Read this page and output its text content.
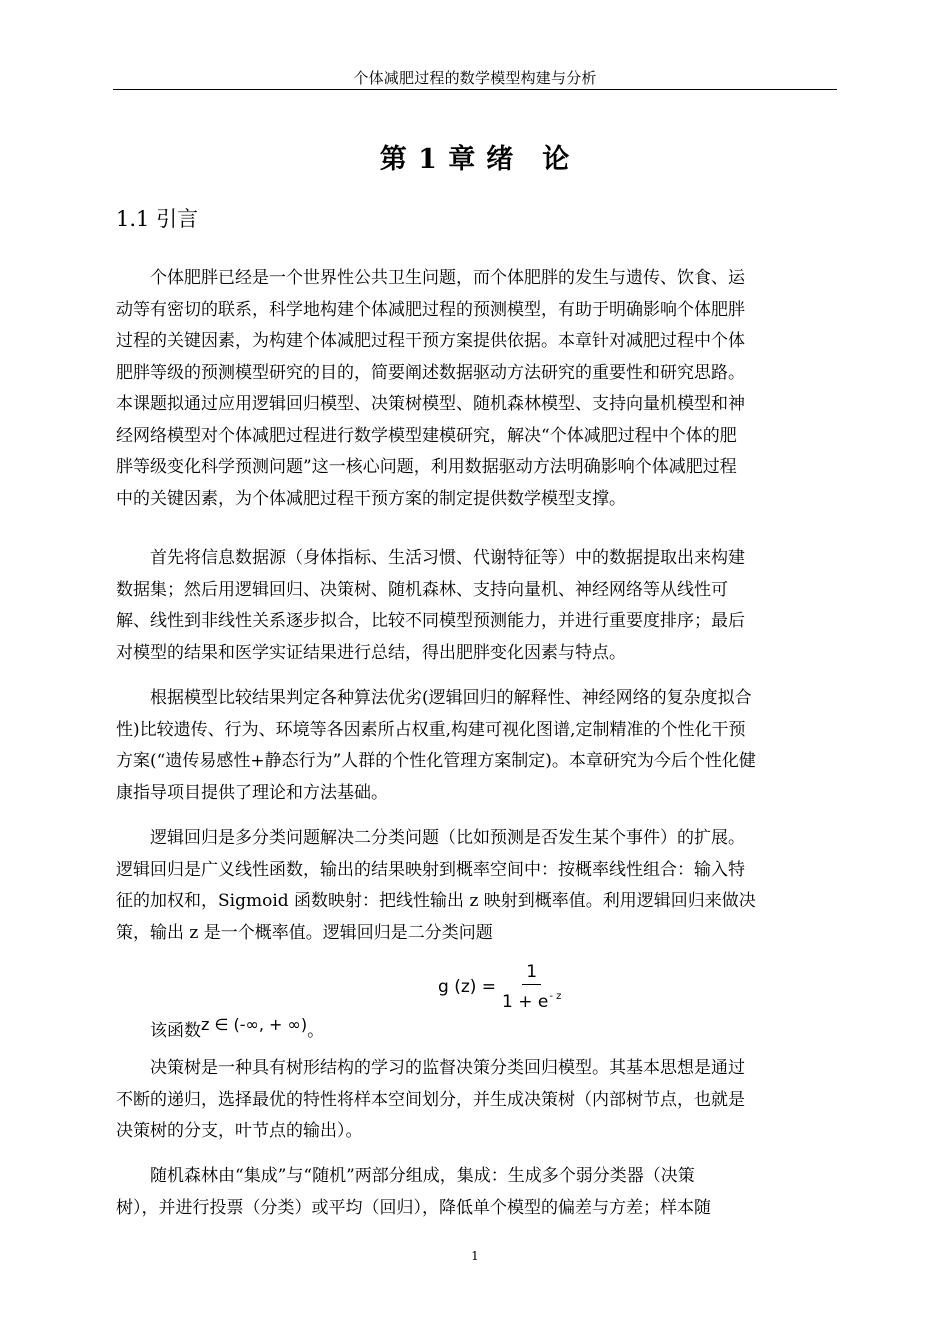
个体减肥过程的数学模型构建与分析
第 1 章 绪　论
1.1 引言
个体肥胖已经是一个世界性公共卫生问题，而个体肥胖的发生与遗传、饮食、运
动等有密切的联系，科学地构建个体减肥过程的预测模型，有助于明确影响个体肥胖
过程的关键因素，为构建个体减肥过程干预方案提供依据。本章针对减肥过程中个体
肥胖等级的预测模型研究的目的，简要阐述数据驱动方法研究的重要性和研究思路。
本课题拟通过应用逻辑回归模型、决策树模型、随机森林模型、支持向量机模型和神
经网络模型对个体减肥过程进行数学模型建模研究，解决“个体减肥过程中个体的肥
胖等级变化科学预测问题”这一核心问题，利用数据驱动方法明确影响个体减肥过程
中的关键因素，为个体减肥过程干预方案的制定提供数学模型支撑。
首先将信息数据源（身体指标、生活习惯、代谢特征等）中的数据提取出来构建
数据集；然后用逻辑回归、决策树、随机森林、支持向量机、神经网络等从线性可
解、线性到非线性关系逐步拟合，比较不同模型预测能力，并进行重要度排序；最后
对模型的结果和医学实证结果进行总结，得出肥胖变化因素与特点。
根据模型比较结果判定各种算法优劣(逻辑回归的解释性、神经网络的复杂度拟合
性)比较遗传、行为、环境等各因素所占权重,构建可视化图谱,定制精准的个性化干预
方案(“遗传易感性+静态行为”人群的个性化管理方案制定)。本章研究为今后个性化健
康指导项目提供了理论和方法基础。
逻辑回归是多分类问题解决二分类问题（比如预测是否发生某个事件）的扩展。
逻辑回归是广义线性函数，输出的结果映射到概率空间中：按概率线性组合：输入特
征的加权和，Sigmoid 函数映射：把线性输出 z 映射到概率值。利用逻辑回归来做决
策，输出 z 是一个概率值。逻辑回归是二分类问题
g $(z) = \frac{1}{1 + e^{- z}}$
该函数z ∈ (-∞, + ∞)。
决策树是一种具有树形结构的学习的监督决策分类回归模型。其基本思想是通过
不断的递归，选择最优的特性将样本空间划分，并生成决策树（内部树节点，也就是
决策树的分支，叶节点的输出）。
随机森林由“集成”与“随机”两部分组成，集成：生成多个弱分类器（决策
树），并进行投票（分类）或平均（回归），降低单个模型的偏差与方差；样本随
1
